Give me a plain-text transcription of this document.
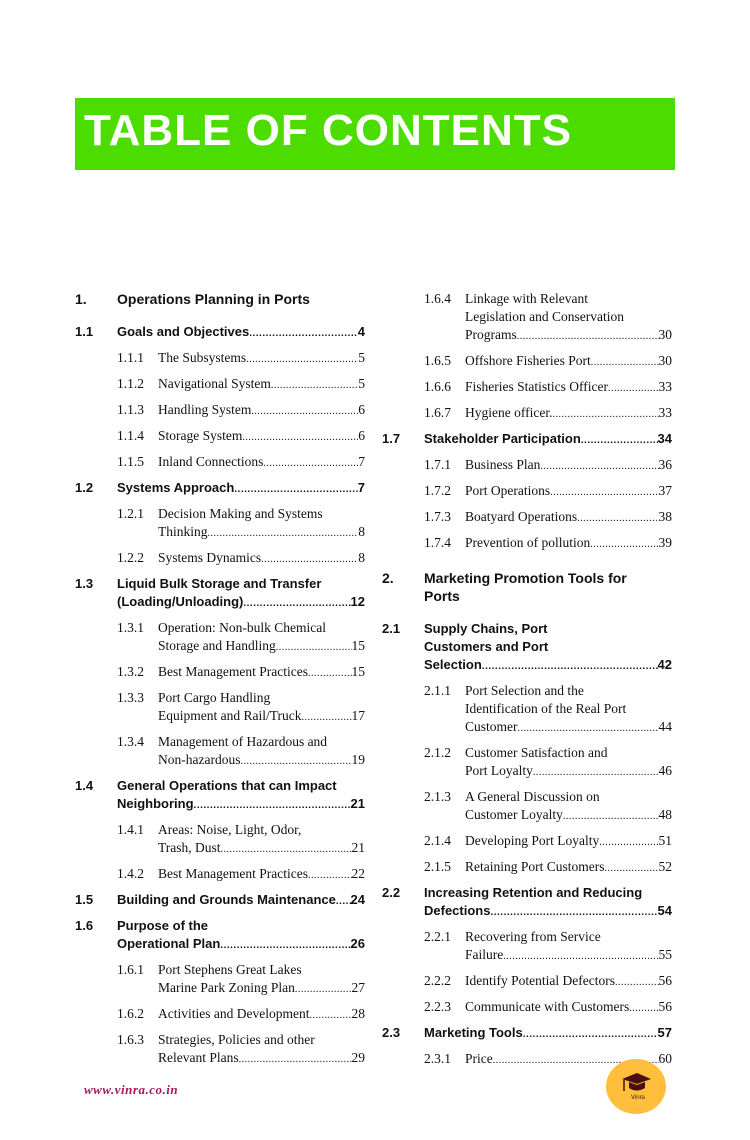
TABLE OF CONTENTS
1.	Operations Planning in Ports
1.1	Goals and Objectives .....	4
1.1.1	The Subsystems .....	5
1.1.2	Navigational System .....	5
1.1.3	Handling System .....	6
1.1.4	Storage System .....	6
1.1.5	Inland Connections .....	7
1.2	Systems Approach .....	7
1.2.1	Decision Making and Systems
Thinking .....	8
1.2.2	Systems Dynamics .....	8
1.3	Liquid Bulk Storage and Transfer
(Loading/Unloading) .....	12
1.3.1	Operation: Non-bulk Chemical
Storage and Handling .....	15
1.3.2	Best Management Practices .....	15
1.3.3	Port Cargo Handling
Equipment and Rail/Truck .....	17
1.3.4	Management of Hazardous and
Non-hazardous .....	19
1.4	General Operations that can Impact
Neighboring .....	21
1.4.1	Areas: Noise, Light, Odor,
Trash, Dust .....	21
1.4.2	Best Management Practices .....	22
1.5	Building and Grounds Maintenance ..... 24
1.6	Purpose of the
Operational Plan .....	26
1.6.1	Port Stephens Great Lakes
Marine Park Zoning Plan .....	27
1.6.2	Activities and Development .....	28
1.6.3	Strategies, Policies and other
Relevant Plans .....	29
1.6.4	Linkage with Relevant
Legislation and Conservation
Programs .....	30
1.6.5	Offshore Fisheries Port .....	30
1.6.6	Fisheries Statistics Officer .....	33
1.6.7	Hygiene officer. .....	33
1.7	Stakeholder Participation .....	34
1.7.1	Business Plan .....	36
1.7.2	Port Operations .....	37
1.7.3	Boatyard Operations .....	38
1.7.4	Prevention of pollution .....	39
2.	Marketing Promotion Tools for
Ports
2.1	Supply Chains, Port
Customers and Port
Selection .....	42
2.1.1	Port Selection and the
Identification of the Real Port
Customer .....	44
2.1.2	Customer Satisfaction and
Port Loyalty .....	46
2.1.3	A General Discussion on
Customer Loyalty .....	48
2.1.4	Developing Port Loyalty .....	51
2.1.5	Retaining Port Customers .....	52
2.2	Increasing Retention and Reducing
Defections .....	54
2.2.1	Recovering from Service
Failure .....	55
2.2.2	Identify Potential Defectors .....	56
2.2.3	Communicate with Customers ..... 56
2.3	Marketing Tools .....	57
2.3.1	Price .....	60
www.vinra.co.in
Vinra
